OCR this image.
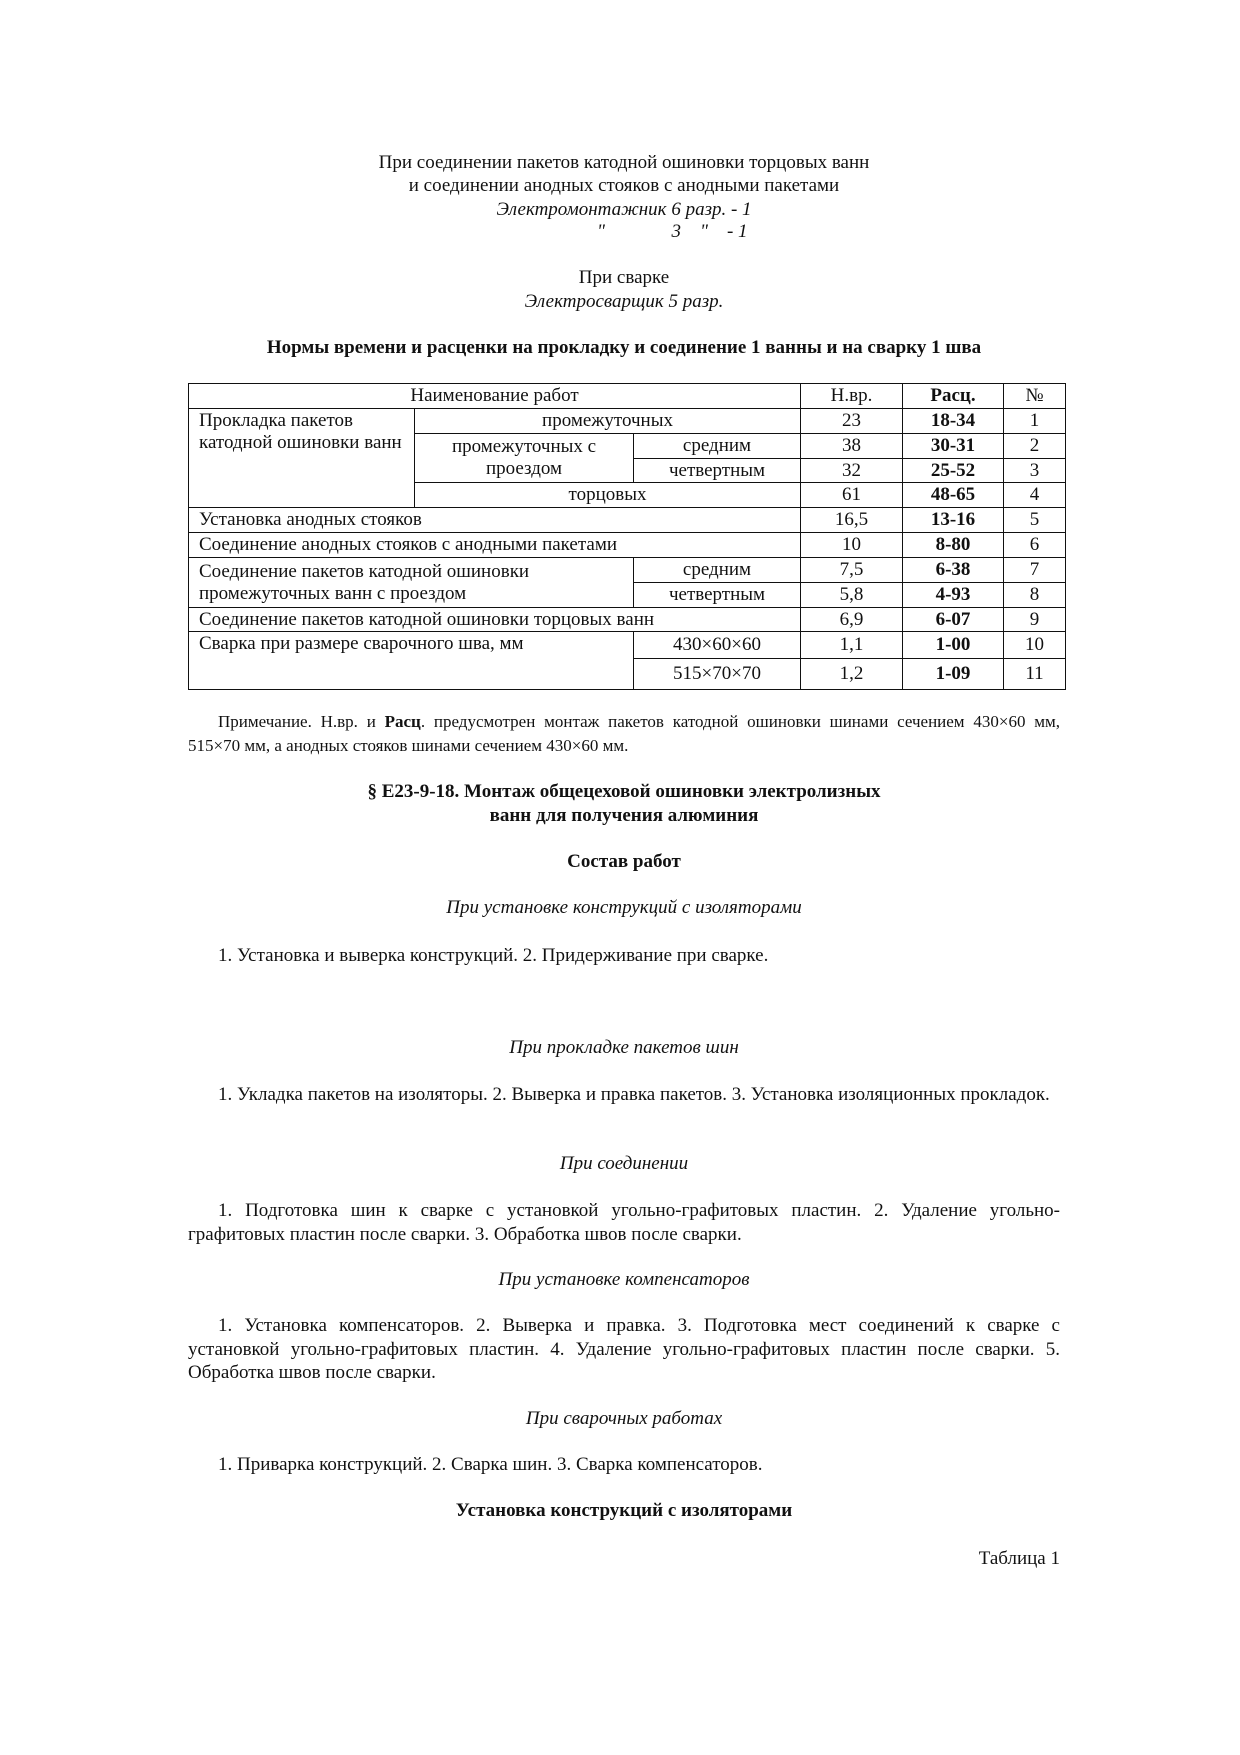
При соединении пакетов катодной ошиновки торцовых ванн
и соединении анодных стояков с анодными пакетами
Электромонтажник 6 разр. - 1
"              3    "    - 1
При сварке
Электросварщик 5 разр.
Нормы времени и расценки на прокладку и соединение 1 ванны и на сварку 1 шва
Наименование работ			Н.вр.	Расц.	№
Прокладка пакетов катодной ошиновки ванн	промежуточных		23	18-34	1
	промежуточных с проездом	средним	38	30-31	2
		четвертным	32	25-52	3
	торцовых		61	48-65	4
Установка анодных стояков			16,5	13-16	5
Соединение анодных стояков с анодными пакетами			10	8-80	6
Соединение пакетов катодной ошиновки промежуточных ванн с проездом		средним	7,5	6-38	7
		четвертным	5,8	4-93	8
Соединение пакетов катодной ошиновки торцовых ванн			6,9	6-07	9
Сварка при размере сварочного шва, мм		430×60×60	1,1	1-00	10
		515×70×70	1,2	1-09	11
Примечание. Н.вр. и Расц. предусмотрен монтаж пакетов катодной ошиновки шинами сечением 430×60 мм, 515×70 мм, а анодных стояков шинами сечением 430×60 мм.
§ Е23-9-18. Монтаж общецеховой ошиновки электролизных
ванн для получения алюминия
Состав работ
При установке конструкций с изоляторами
1. Установка и выверка конструкций. 2. Придерживание при сварке.
При прокладке пакетов шин
1. Укладка пакетов на изоляторы. 2. Выверка и правка пакетов. 3. Установка изоляционных прокладок.
При соединении
1. Подготовка шин к сварке с установкой угольно-графитовых пластин. 2. Удаление угольно-графитовых пластин после сварки. 3. Обработка швов после сварки.
При установке компенсаторов
1. Установка компенсаторов. 2. Выверка и правка. 3. Подготовка мест соединений к сварке с установкой угольно-графитовых пластин. 4. Удаление угольно-графитовых пластин после сварки. 5. Обработка швов после сварки.
При сварочных работах
1. Приварка конструкций. 2. Сварка шин. 3. Сварка компенсаторов.
Установка конструкций с изоляторами
Таблица 1
